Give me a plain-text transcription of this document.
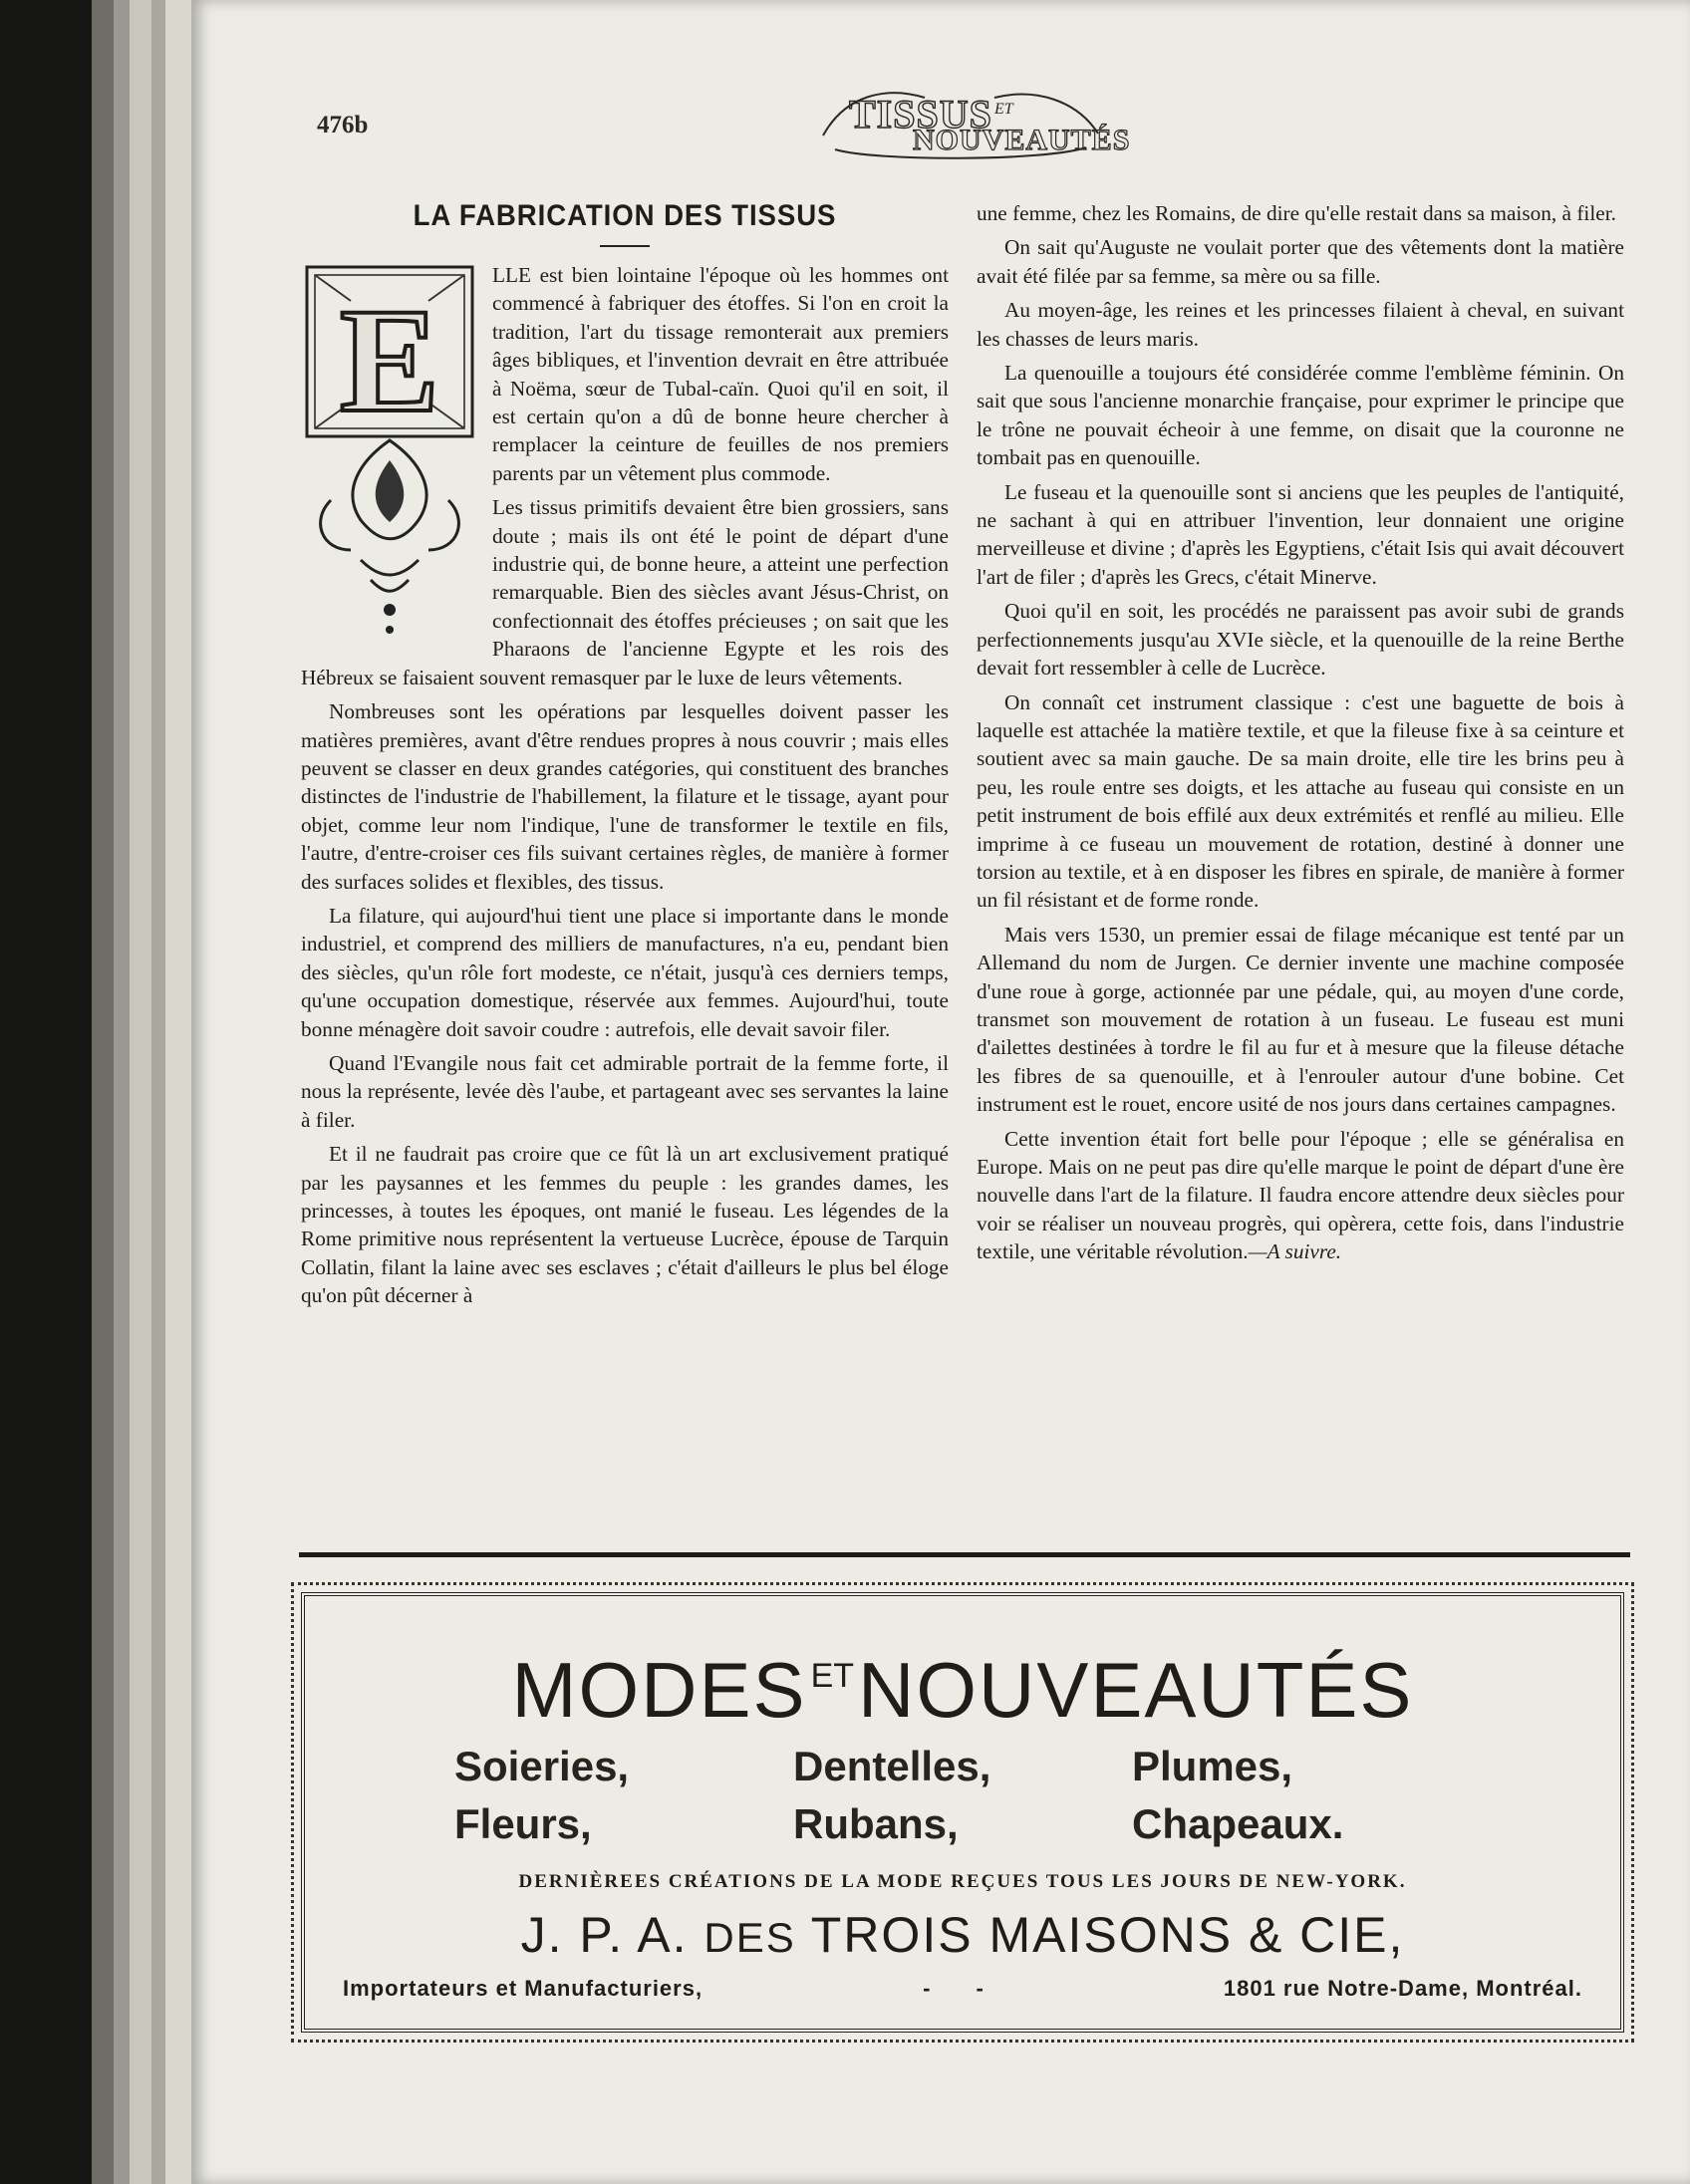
476b	TISSUS ET
NOUVEAUTÉS
LA FABRICATION DES TISSUS
E

LLE est bien lointaine l'époque où les hommes ont commencé à fabriquer des étoffes. Si l'on en croit la tradition, l'art du tissage remonterait aux premiers âges bibliques, et l'invention devrait en être attribuée à Noëma, sœur de Tubal-caïn. Quoi qu'il en soit, il est certain qu'on a dû de bonne heure chercher à remplacer la ceinture de feuilles de nos premiers parents par un vêtement plus commode.

Les tissus primitifs devaient être bien grossiers, sans doute ; mais ils ont été le point de départ d'une industrie qui, de bonne heure, a atteint une perfection remarquable. Bien des siècles avant Jésus-Christ, on confectionnait des étoffes précieuses ; on sait que les Pharaons de l'ancienne Egypte et les rois des Hébreux se faisaient souvent remasquer par le luxe de leurs vêtements.

Nombreuses sont les opérations par lesquelles doivent passer les matières premières, avant d'être rendues propres à nous couvrir ; mais elles peuvent se classer en deux grandes catégories, qui constituent des branches distinctes de l'industrie de l'habillement, la filature et le tissage, ayant pour objet, comme leur nom l'indique, l'une de transformer le textile en fils, l'autre, d'entre-croiser ces fils suivant certaines règles, de manière à former des surfaces solides et flexibles, des tissus.

La filature, qui aujourd'hui tient une place si importante dans le monde industriel, et comprend des milliers de manufactures, n'a eu, pendant bien des siècles, qu'un rôle fort modeste, ce n'était, jusqu'à ces derniers temps, qu'une occupation domestique, réservée aux femmes. Aujourd'hui, toute bonne ménagère doit savoir coudre : autrefois, elle devait savoir filer.

Quand l'Evangile nous fait cet admirable portrait de la femme forte, il nous la représente, levée dès l'aube, et partageant avec ses servantes la laine à filer.

Et il ne faudrait pas croire que ce fût là un art exclusivement pratiqué par les paysannes et les femmes du peuple : les grandes dames, les princesses, à toutes les époques, ont manié le fuseau. Les légendes de la Rome primitive nous représentent la vertueuse Lucrèce, épouse de Tarquin Collatin, filant la laine avec ses esclaves ; c'était d'ailleurs le plus bel éloge qu'on pût décerner à

une femme, chez les Romains, de dire qu'elle restait dans sa maison, à filer.

On sait qu'Auguste ne voulait porter que des vêtements dont la matière avait été filée par sa femme, sa mère ou sa fille.

Au moyen-âge, les reines et les princesses filaient à cheval, en suivant les chasses de leurs maris.

La quenouille a toujours été considérée comme l'emblème féminin. On sait que sous l'ancienne monarchie française, pour exprimer le principe que le trône ne pouvait écheoir à une femme, on disait que la couronne ne tombait pas en quenouille.

Le fuseau et la quenouille sont si anciens que les peuples de l'antiquité, ne sachant à qui en attribuer l'invention, leur donnaient une origine merveilleuse et divine ; d'après les Egyptiens, c'était Isis qui avait découvert l'art de filer ; d'après les Grecs, c'était Minerve.

Quoi qu'il en soit, les procédés ne paraissent pas avoir subi de grands perfectionnements jusqu'au XVIe siècle, et la quenouille de la reine Berthe devait fort ressembler à celle de Lucrèce.

On connaît cet instrument classique : c'est une baguette de bois à laquelle est attachée la matière textile, et que la fileuse fixe à sa ceinture et soutient avec sa main gauche. De sa main droite, elle tire les brins peu à peu, les roule entre ses doigts, et les attache au fuseau qui consiste en un petit instrument de bois effilé aux deux extrémités et renflé au milieu. Elle imprime à ce fuseau un mouvement de rotation, destiné à donner une torsion au textile, et à en disposer les fibres en spirale, de manière à former un fil résistant et de forme ronde.

Mais vers 1530, un premier essai de filage mécanique est tenté par un Allemand du nom de Jurgen. Ce dernier invente une machine composée d'une roue à gorge, actionnée par une pédale, qui, au moyen d'une corde, transmet son mouvement de rotation à un fuseau. Le fuseau est muni d'ailettes destinées à tordre le fil au fur et à mesure que la fileuse détache les fibres de sa quenouille, et à l'enrouler autour d'une bobine. Cet instrument est le rouet, encore usité de nos jours dans certaines campagnes.

Cette invention était fort belle pour l'époque ; elle se généralisa en Europe. Mais on ne peut pas dire qu'elle marque le point de départ d'une ère nouvelle dans l'art de la filature. Il faudra encore attendre deux siècles pour voir se réaliser un nouveau progrès, qui opèrera, cette fois, dans l'industrie textile, une véritable révolution.—A suivre.

MODES $^{ET}$NOUVEAUTÉS
Soieries,	Dentelles,	Plumes,
Fleurs,	Rubans,	Chapeaux.
DERNIÈREES CRÉATIONS DE LA MODE REÇUES TOUS LES JOURS DE NEW-YORK.
J. P. A. DES TROIS MAISONS & CIE,
Importateurs et Manufacturiers,	- -	1801 rue Notre-Dame, Montréal.
